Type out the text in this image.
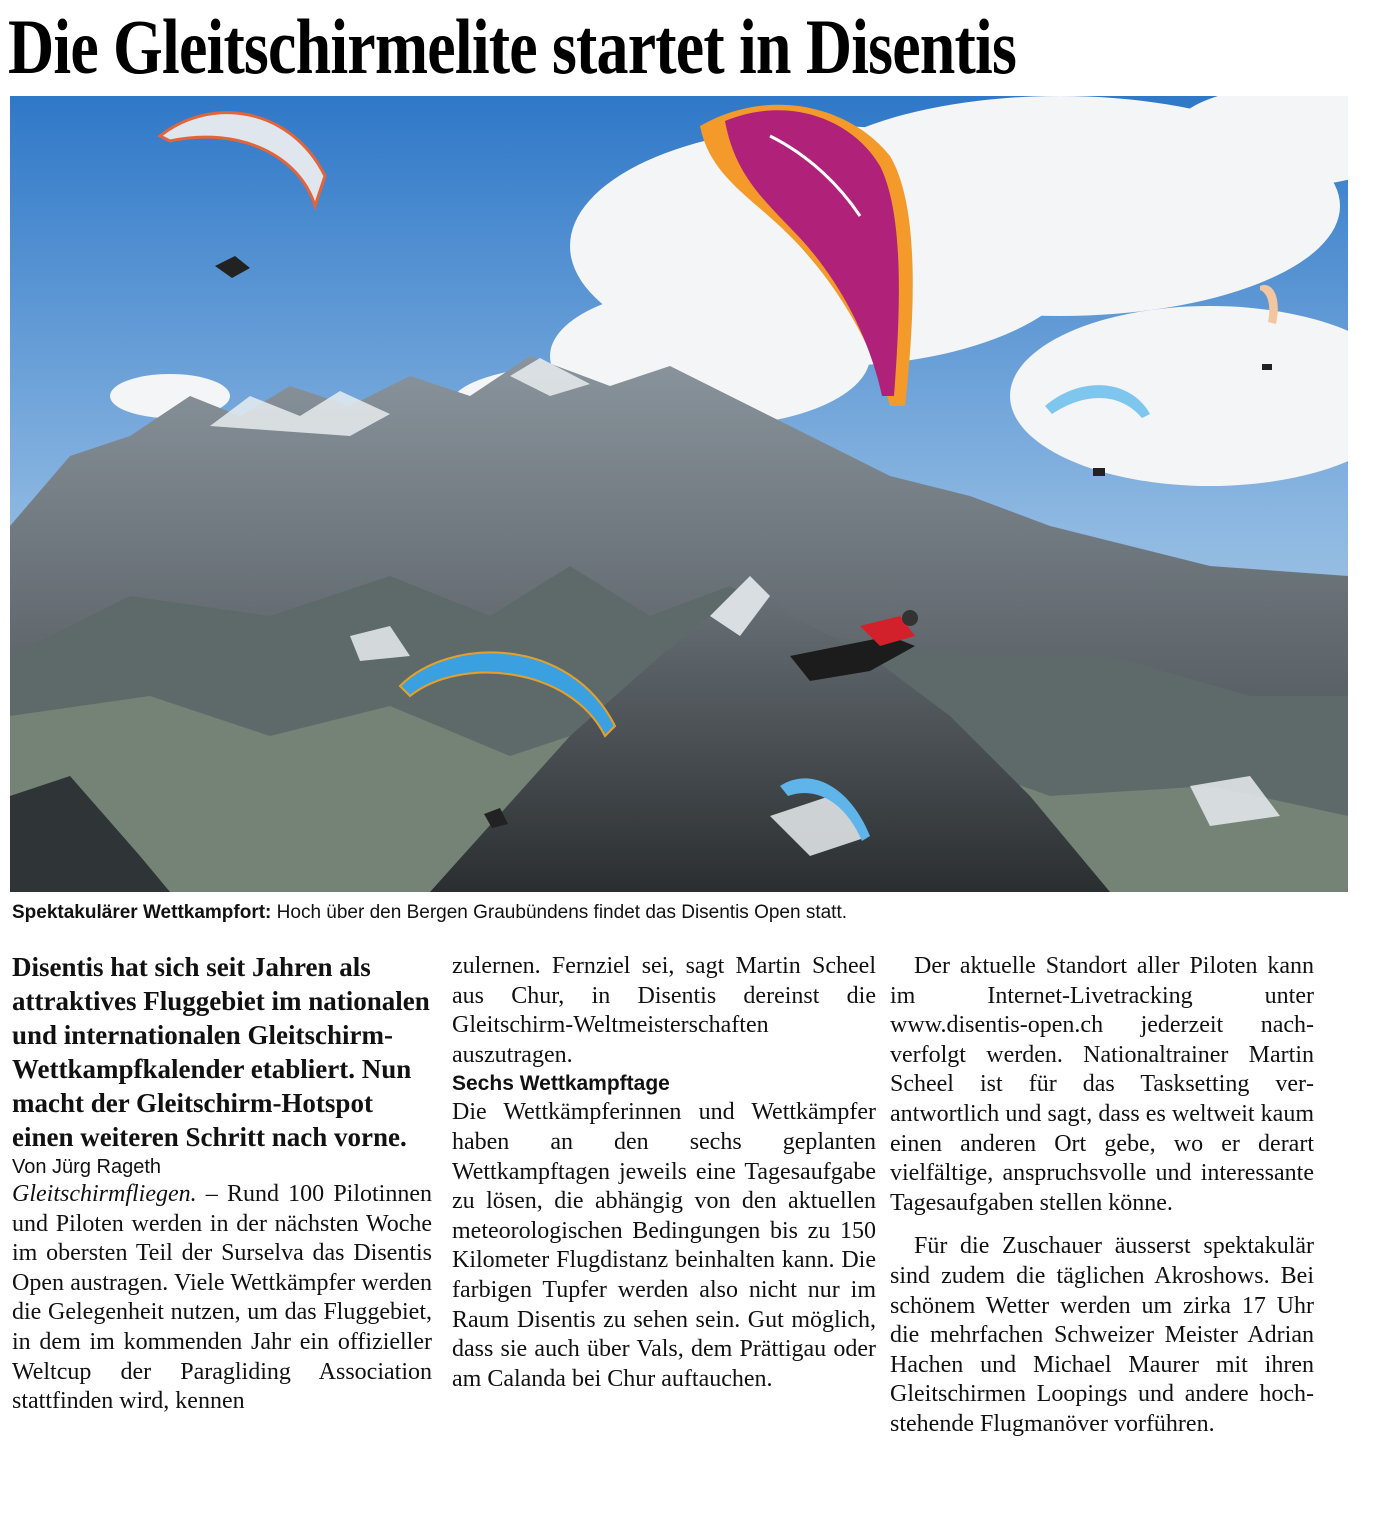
Die Gleitschirmelite startet in Disentis
Spektakulärer Wettkampfort: Hoch über den Bergen Graubündens findet das Disentis Open statt.

Disentis hat sich seit Jahren als attraktives Fluggebiet im nationalen und internationalen Gleitschirm-Wettkampfkalender etabliert. Nun macht der Gleitschirm-Hotspot einen weiteren Schritt nach vorne.

Von Jürg Rageth

Gleitschirmfliegen. – Rund 100 Pilotinnen und Piloten werden in der nächsten Woche im obersten Teil der Surselva das Disentis Open austragen. Viele Wettkämpfer werden die Gelegenheit nutzen, um das Fluggebiet, in dem im kommenden Jahr ein offizieller Weltcup der Paragliding Association stattfinden wird, kennen

zulernen. Fernziel sei, sagt Martin Scheel aus Chur, in Disentis dereinst die Gleitschirm-Weltmeisterschaften auszutragen.

Sechs Wettkampftage

Die Wettkämpferinnen und Wettkämpfer haben an den sechs geplanten Wettkampftagen jeweils eine Tagesaufgabe zu lösen, die abhängig von den aktuellen meteorologischen Bedingungen bis zu 150 Kilometer Flugdistanz beinhalten kann. Die farbigen Tupfer werden also nicht nur im Raum Disentis zu sehen sein. Gut möglich, dass sie auch über Vals, dem Prättigau oder am Calanda bei Chur auftauchen.

Der aktuelle Standort aller Piloten kann im Internet-Livetracking unter www.disentis-open.ch jederzeit nachverfolgt werden. Nationaltrainer Martin Scheel ist für das Tasksetting verantwortlich und sagt, dass es weltweit kaum einen anderen Ort gebe, wo er derart vielfältige, anspruchsvolle und interessante Tagesaufgaben stellen könne.

Für die Zuschauer äusserst spektakulär sind zudem die täglichen Akroshows. Bei schönem Wetter werden um zirka 17 Uhr die mehrfachen Schweizer Meister Adrian Hachen und Michael Maurer mit ihren Gleitschirmen Loopings und andere hochstehende Flugmanöver vorführen.
